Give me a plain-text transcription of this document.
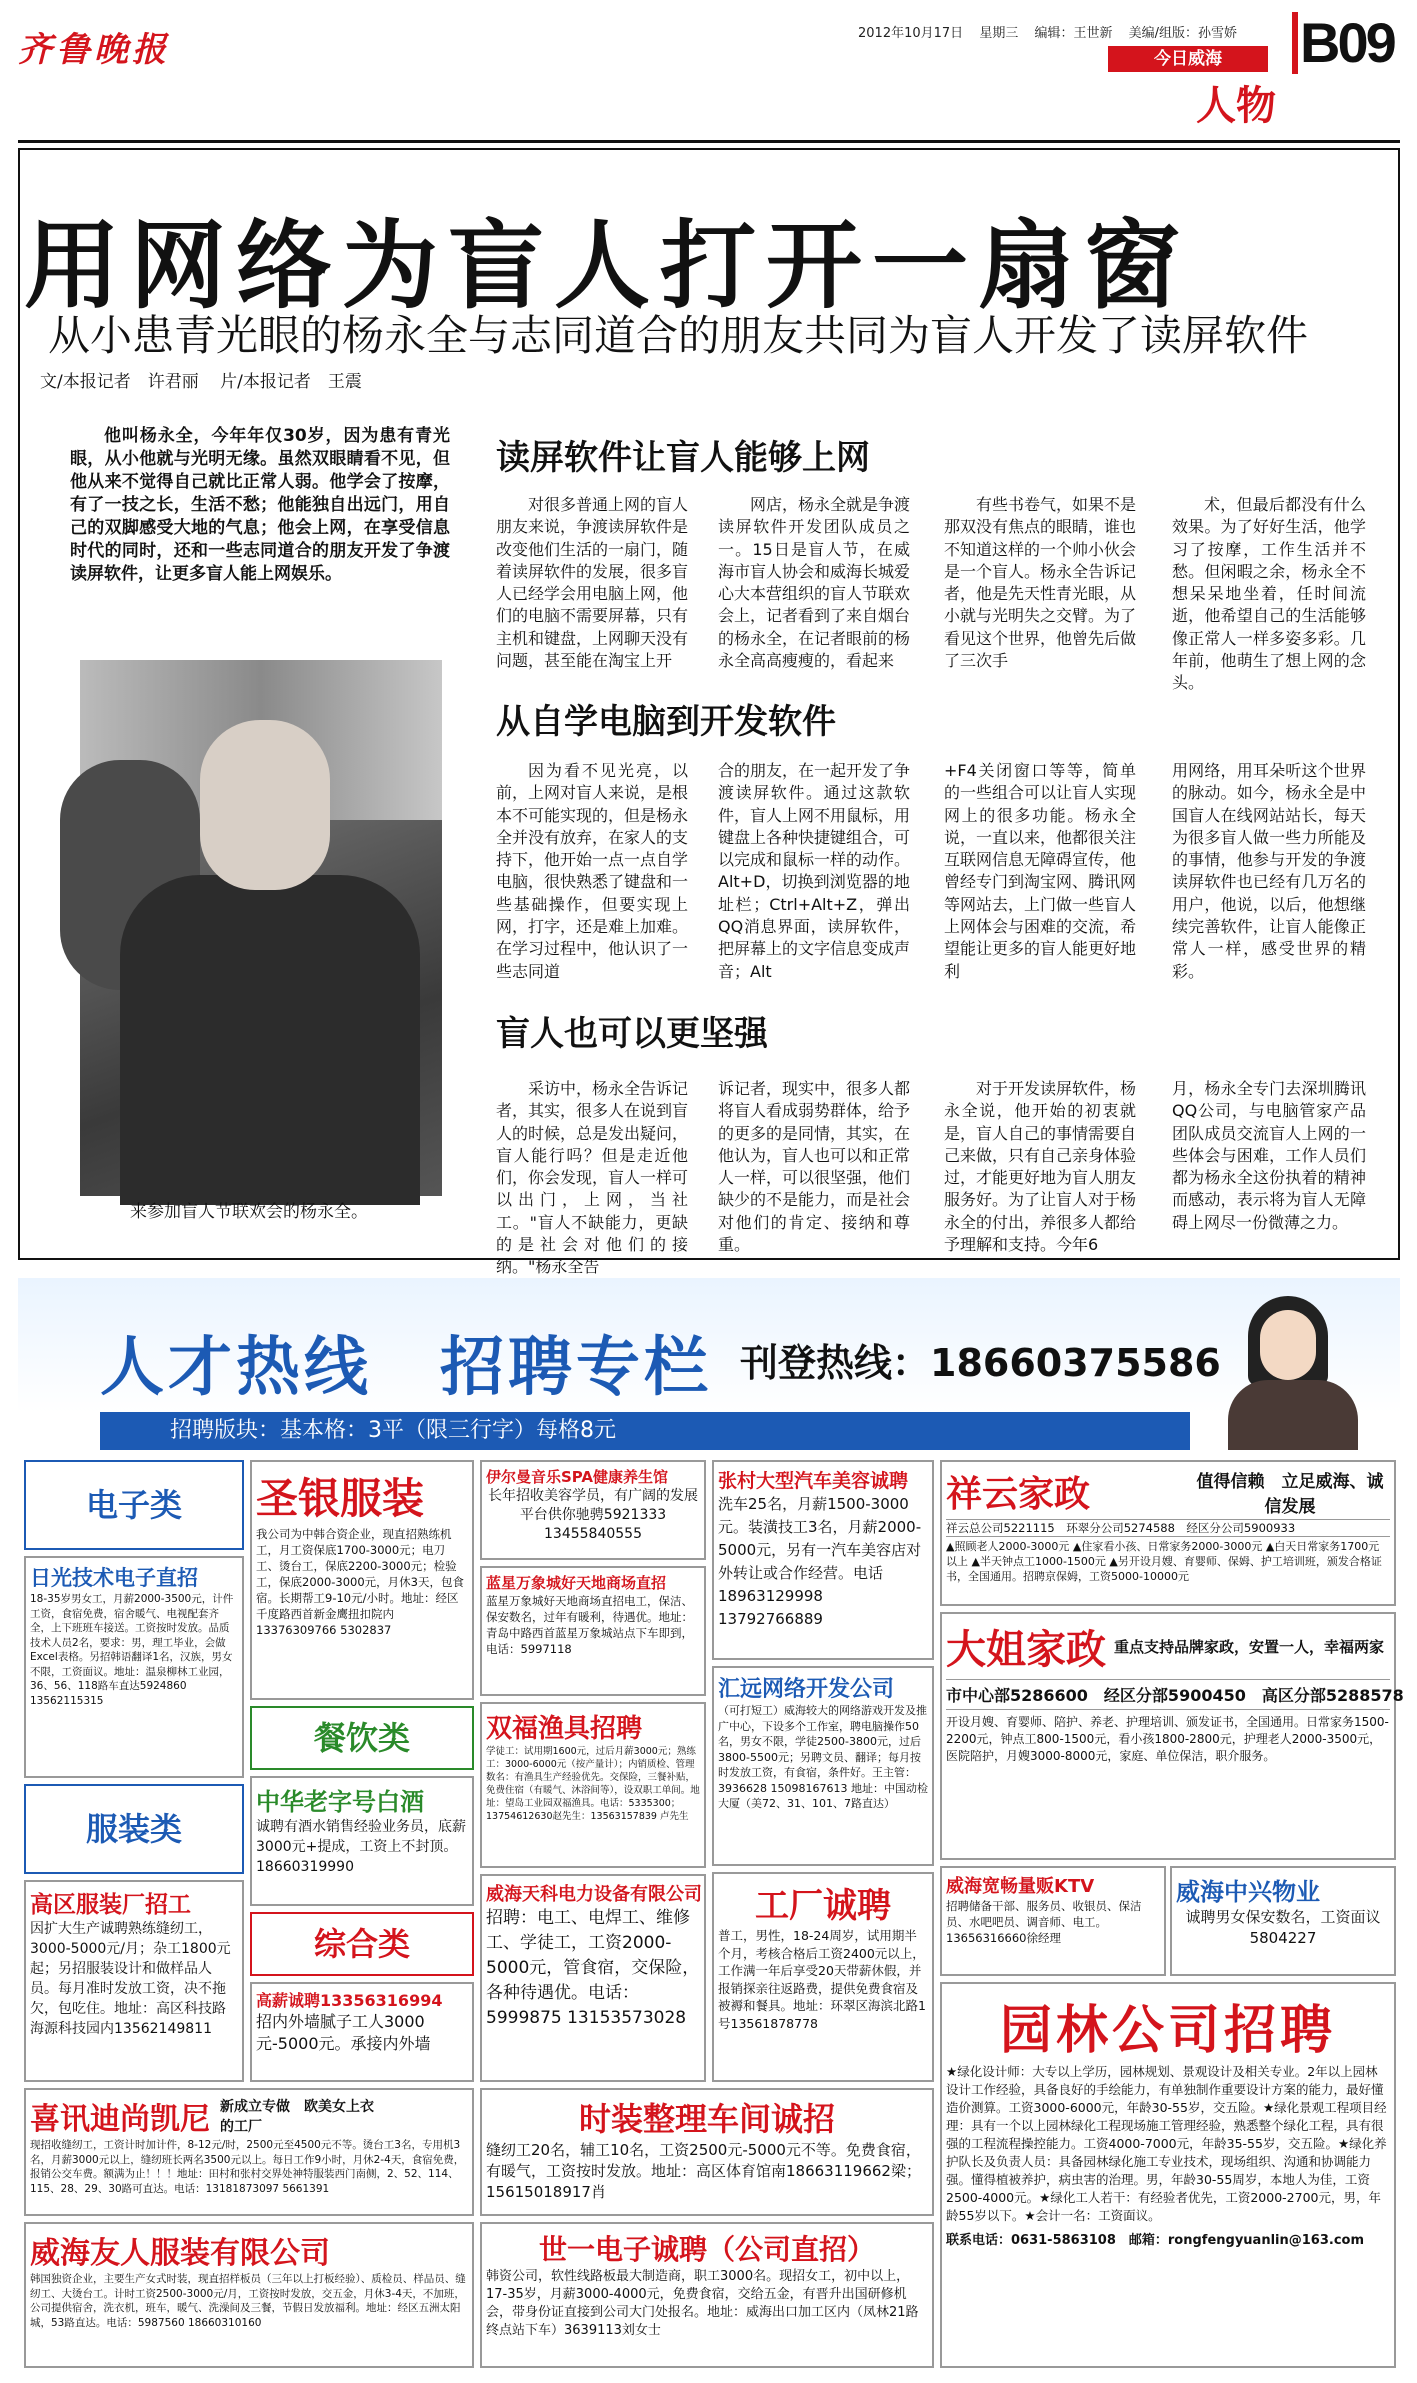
齐鲁晚报	2012年10月17日 星期三 编辑：王世新 美编/组版：孙雪娇
今日威海
人物
B09
用网络为盲人打开一扇窗
从小患青光眼的杨永全与志同道合的朋友共同为盲人开发了读屏软件
文/本报记者　许君丽 片/本报记者　王震
他叫杨永全，今年年仅30岁，因为患有青光眼，从小他就与光明无缘。虽然双眼睛看不见，但他从来不觉得自己就比正常人弱。他学会了按摩，有了一技之长，生活不愁；他能独自出远门，用自己的双脚感受大地的气息；他会上网，在享受信息时代的同时，还和一些志同道合的朋友开发了争渡读屏软件，让更多盲人能上网娱乐。
来参加盲人节联欢会的杨永全。
读屏软件让盲人能够上网
对很多普通上网的盲人朋友来说，争渡读屏软件是改变他们生活的一扇门，随着读屏软件的发展，很多盲人已经学会用电脑上网，他们的电脑不需要屏幕，只有主机和键盘，上网聊天没有问题，甚至能在淘宝上开
网店，杨永全就是争渡读屏软件开发团队成员之一。15日是盲人节，在威海市盲人协会和威海长城爱心大本营组织的盲人节联欢会上，记者看到了来自烟台的杨永全，在记者眼前的杨永全高高瘦瘦的，看起来
有些书卷气，如果不是那双没有焦点的眼睛，谁也不知道这样的一个帅小伙会是一个盲人。杨永全告诉记者，他是先天性青光眼，从小就与光明失之交臂。为了看见这个世界，他曾先后做了三次手
术，但最后都没有什么效果。为了好好生活，他学习了按摩，工作生活并不愁。但闲暇之余，杨永全不想呆呆地坐着，任时间流逝，他希望自己的生活能够像正常人一样多姿多彩。几年前，他萌生了想上网的念头。
从自学电脑到开发软件
因为看不见光亮，以前，上网对盲人来说，是根本不可能实现的，但是杨永全并没有放弃，在家人的支持下，他开始一点一点自学电脑，很快熟悉了键盘和一些基础操作，但要实现上网，打字，还是难上加难。在学习过程中，他认识了一些志同道
合的朋友，在一起开发了争渡读屏软件。通过这款软件，盲人上网不用鼠标，用键盘上各种快捷键组合，可以完成和鼠标一样的动作。Alt+D，切换到浏览器的地址栏；Ctrl+Alt+Z，弹出QQ消息界面，读屏软件，把屏幕上的文字信息变成声音；Alt
+F4关闭窗口等等，简单的一些组合可以让盲人实现网上的很多功能。杨永全说，一直以来，他都很关注互联网信息无障碍宣传，他曾经专门到淘宝网、腾讯网等网站去，上门做一些盲人上网体会与困难的交流，希望能让更多的盲人能更好地利
用网络，用耳朵听这个世界的脉动。如今，杨永全是中国盲人在线网站站长，每天为很多盲人做一些力所能及的事情，他参与开发的争渡读屏软件也已经有几万名的用户，他说，以后，他想继续完善软件，让盲人能像正常人一样，感受世界的精彩。
盲人也可以更坚强
采访中，杨永全告诉记者，其实，很多人在说到盲人的时候，总是发出疑问，盲人能行吗？但是走近他们，你会发现，盲人一样可以出门，上网，当社工。"盲人不缺能力，更缺的是社会对他们的接纳。"杨永全告
诉记者，现实中，很多人都将盲人看成弱势群体，给予的更多的是同情，其实，在他认为，盲人也可以和正常人一样，可以很坚强，他们缺少的不是能力，而是社会对他们的肯定、接纳和尊重。
对于开发读屏软件，杨永全说，他开始的初衷就是，盲人自己的事情需要自己来做，只有自己亲身体验过，才能更好地为盲人朋友服务好。为了让盲人对于杨永全的付出，养很多人都给予理解和支持。今年6
月，杨永全专门去深圳腾讯QQ公司，与电脑管家产品团队成员交流盲人上网的一些体会与困难，工作人员们都为杨永全这份执着的精神而感动，表示将为盲人无障碍上网尽一份微薄之力。
人才热线　招聘专栏 刊登热线：18660375586
招聘版块：基本格：3平（限三行字）每格8元
电子类
日光技术电子直招
18-35岁男女工，月薪2000-3500元，计件工资，食宿免费，宿舍暖气、电视配套齐全，上下班班车接送。工资按时发放。品质技术人员2名，要求：男，理工毕业，会做Excel表格。另招韩语翻译1名，汉族，男女不限，工资面议。地址：温泉柳林工业园，36、56、118路车直达5924860 13562115315
服装类
高区服装厂招工
因扩大生产诚聘熟练缝纫工，3000-5000元/月；杂工1800元起；另招服装设计和做样品人员。每月准时发放工资，决不拖欠，包吃住。地址：高区科技路海源科技园内13562149811
圣银服装
我公司为中韩合资企业，现直招熟练机工，月工资保底1700-3000元；电刀工、烫台工，保底2200-3000元；检验工，保底2000-3000元，月休3天，包食宿。长期帮工9-10元/小时。地址：经区千度路西首新金鹰扭扣院内13376309766 5302837
餐饮类
中华老字号白酒
诚聘有酒水销售经验业务员，底薪3000元+提成，工资上不封顶。18660319990
综合类
高薪诚聘13356316994
招内外墙腻子工人3000元-5000元。承接内外墙
伊尔曼音乐SPA健康养生馆
长年招收美容学员，有广阔的发展平台供你驰骋5921333 13455840555
蓝星万象城好天地商场直招
蓝星万象城好天地商场直招电工，保洁、保安数名，过年有暖利，待遇优。地址：青岛中路西首蓝星万象城站点下车即到，电话：5997118
双福渔具招聘
学徒工：试用期1600元，过后月薪3000元；熟练工：3000-6000元（按产量计）；内销质检、管理数名：有渔具生产经验优先。交保险，三餐补贴，免费住宿（有暖气、沐浴间等），设双职工单间。地址：望岛工业园双福渔具。电话：5335300；13754612630赵先生：13563157839 卢先生
威海天科电力设备有限公司
招聘：电工、电焊工、维修工、学徒工，工资2000-5000元，管食宿，交保险，各种待遇优。电话：5999875 13153573028
张村大型汽车美容诚聘
洗车25名，月薪1500-3000元。装潢技工3名，月薪2000-5000元，另有一汽车美容店对外转让或合作经营。电话18963129998 13792766889
汇远网络开发公司
（可打短工）威海较大的网络游戏开发及推广中心，下设多个工作室，聘电脑操作50名，男女不限，学徒2500-3800元，过后3800-5500元；另聘文员、翻译；每月按时发放工资，有食宿，条件好。王主管：3936628 15098167613 地址：中国动检大厦（美72、31、101、7路直达）
工厂诚聘
普工，男性，18-24周岁，试用期半个月，考核合格后工资2400元以上，工作满一年后享受20天带薪休假，并报销探亲往返路费，提供免费食宿及被褥和餐具。地址：环翠区海滨北路1号13561878778
祥云家政	值得信赖　立足威海、诚信发展
祥云总公司5221115　环翠分公司5274588　经区分公司5900933
▲照顾老人2000-3000元 ▲住家看小孩、日常家务2000-3000元 ▲白天日常家务1700元以上 ▲半天钟点工1000-1500元 ▲另开设月嫂、育婴师、保姆、护工培训班，颁发合格证书，全国通用。招聘京保姆，工资5000-10000元
大姐家政 重点支持品牌家政，安置一人，幸福两家
市中心部5286600　经区分部5900450　高区分部5288578
开设月嫂、育婴师、陪护、养老、护理培训、颁发证书，全国通用。日常家务1500-2200元，钟点工800-1500元，看小孩1800-2800元，护理老人2000-3500元，医院陪护，月嫂3000-8000元，家庭、单位保洁，职介服务。
威海宽畅量贩KTV
招聘储备干部、服务员、收银员、保洁员、水吧吧员、调音师、电工。13656316660徐经理
威海中兴物业
诚聘男女保安数名，工资面议 5804227
园林公司招聘
★绿化设计师：大专以上学历，园林规划、景观设计及相关专业。2年以上园林设计工作经验，具备良好的手绘能力，有单独制作重要设计方案的能力，最好懂造价测算。工资3000-6000元，年龄30-55岁，交五险。★绿化景观工程项目经理：具有一个以上园林绿化工程现场施工管理经验，熟悉整个绿化工程，具有很强的工程流程操控能力。工资4000-7000元，年龄35-55岁，交五险。★绿化养护队长及负责人员：具备园林绿化施工专业技术，现场组织、沟通和协调能力强。懂得植被养护，病虫害的治理。男，年龄30-55周岁，本地人为佳，工资2500-4000元。★绿化工人若干：有经验者优先，工资2000-2700元，男，年龄55岁以下。★会计一名：工资面议。
联系电话：0631-5863108　邮箱：rongfengyuanlin@163.com
喜讯迪尚凯尼 新成立专做　欧美女上衣的工厂
现招收缝纫工，工资计时加计件，8-12元/时，2500元至4500元不等。烫台工3名，专用机3名，月薪3000元以上，缝纫班长两名3500元以上。每日工作9小时，月休2-4天，食宿免费，报销公交车费。额满为止！！！地址：田村和张村交界处神特服装西门南侧，2、52、114、115、28、29、30路可直达。电话：13181873097 5661391
威海友人服装有限公司
韩国独资企业，主要生产女式时装，现直招样板员（三年以上打板经验）、质检员、样品员、缝纫工、大烫台工。计时工资2500-3000元/月，工资按时发放，交五金，月休3-4天，不加班，公司提供宿舍，洗衣机，班车，暖气、洗澡间及三餐，节假日发放福利。地址：经区五洲太阳城，53路直达。电话：5987560 18660310160
时装整理车间诚招
缝纫工20名，辅工10名，工资2500元-5000元不等。免费食宿，有暖气，工资按时发放。地址：高区体育馆南18663119662梁；15615018917肖
世一电子诚聘（公司直招）
韩资公司，软性线路板最大制造商，职工3000名。现招女工，初中以上，17-35岁，月薪3000-4000元，免费食宿，交给五金，有晋升出国研修机会，带身份证直接到公司大门处报名。地址：威海出口加工区内（凤林21路终点站下车）3639113刘女士
